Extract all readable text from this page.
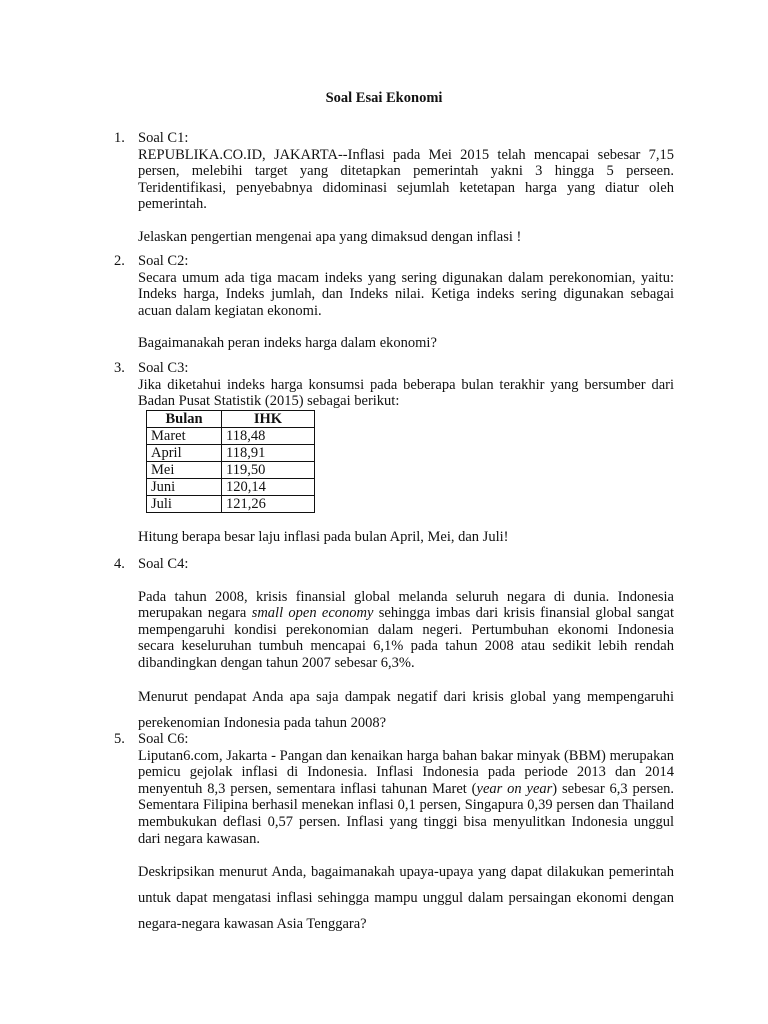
Soal Esai Ekonomi
1. Soal C1:

REPUBLIKA.CO.ID, JAKARTA--Inflasi pada Mei 2015 telah mencapai sebesar 7,15 persen, melebihi target yang ditetapkan pemerintah yakni 3 hingga 5 perseen. Teridentifikasi, penyebabnya didominasi sejumlah ketetapan harga yang diatur oleh pemerintah.

Jelaskan pengertian mengenai apa yang dimaksud dengan inflasi !

2. Soal C2:

Secara umum ada tiga macam indeks yang sering digunakan dalam perekonomian, yaitu: Indeks harga, Indeks jumlah, dan Indeks nilai. Ketiga indeks sering digunakan sebagai acuan dalam kegiatan ekonomi.

Bagaimanakah peran indeks harga dalam ekonomi?

3. Soal C3:

Jika diketahui indeks harga konsumsi pada beberapa bulan terakhir yang bersumber dari Badan Pusat Statistik (2015) sebagai berikut:

Bulan	IHK
Maret	118,48
April	118,91
Mei	119,50
Juni	120,14
Juli	121,26

Hitung berapa besar laju inflasi pada bulan April, Mei, dan Juli!

4. Soal C4:

Pada tahun 2008, krisis finansial global melanda seluruh negara di dunia. Indonesia merupakan negara small open economy sehingga imbas dari krisis finansial global sangat mempengaruhi kondisi perekonomian dalam negeri. Pertumbuhan ekonomi Indonesia secara keseluruhan tumbuh mencapai 6,1% pada tahun 2008 atau sedikit lebih rendah dibandingkan dengan tahun 2007 sebesar 6,3%.

Menurut pendapat Anda apa saja dampak negatif dari krisis global yang mempengaruhi perekenomian Indonesia pada tahun 2008?

5. Soal C6:

Liputan6.com, Jakarta - Pangan dan kenaikan harga bahan bakar minyak (BBM) merupakan pemicu gejolak inflasi di Indonesia. Inflasi Indonesia pada periode 2013 dan 2014 menyentuh 8,3 persen, sementara inflasi tahunan Maret (year on year) sebesar 6,3 persen. Sementara Filipina berhasil menekan inflasi 0,1 persen, Singapura 0,39 persen dan Thailand membukukan deflasi 0,57 persen. Inflasi yang tinggi bisa menyulitkan Indonesia unggul dari negara kawasan.

Deskripsikan menurut Anda, bagaimanakah upaya-upaya yang dapat dilakukan pemerintah untuk dapat mengatasi inflasi sehingga mampu unggul dalam persaingan ekonomi dengan negara-negara kawasan Asia Tenggara?
